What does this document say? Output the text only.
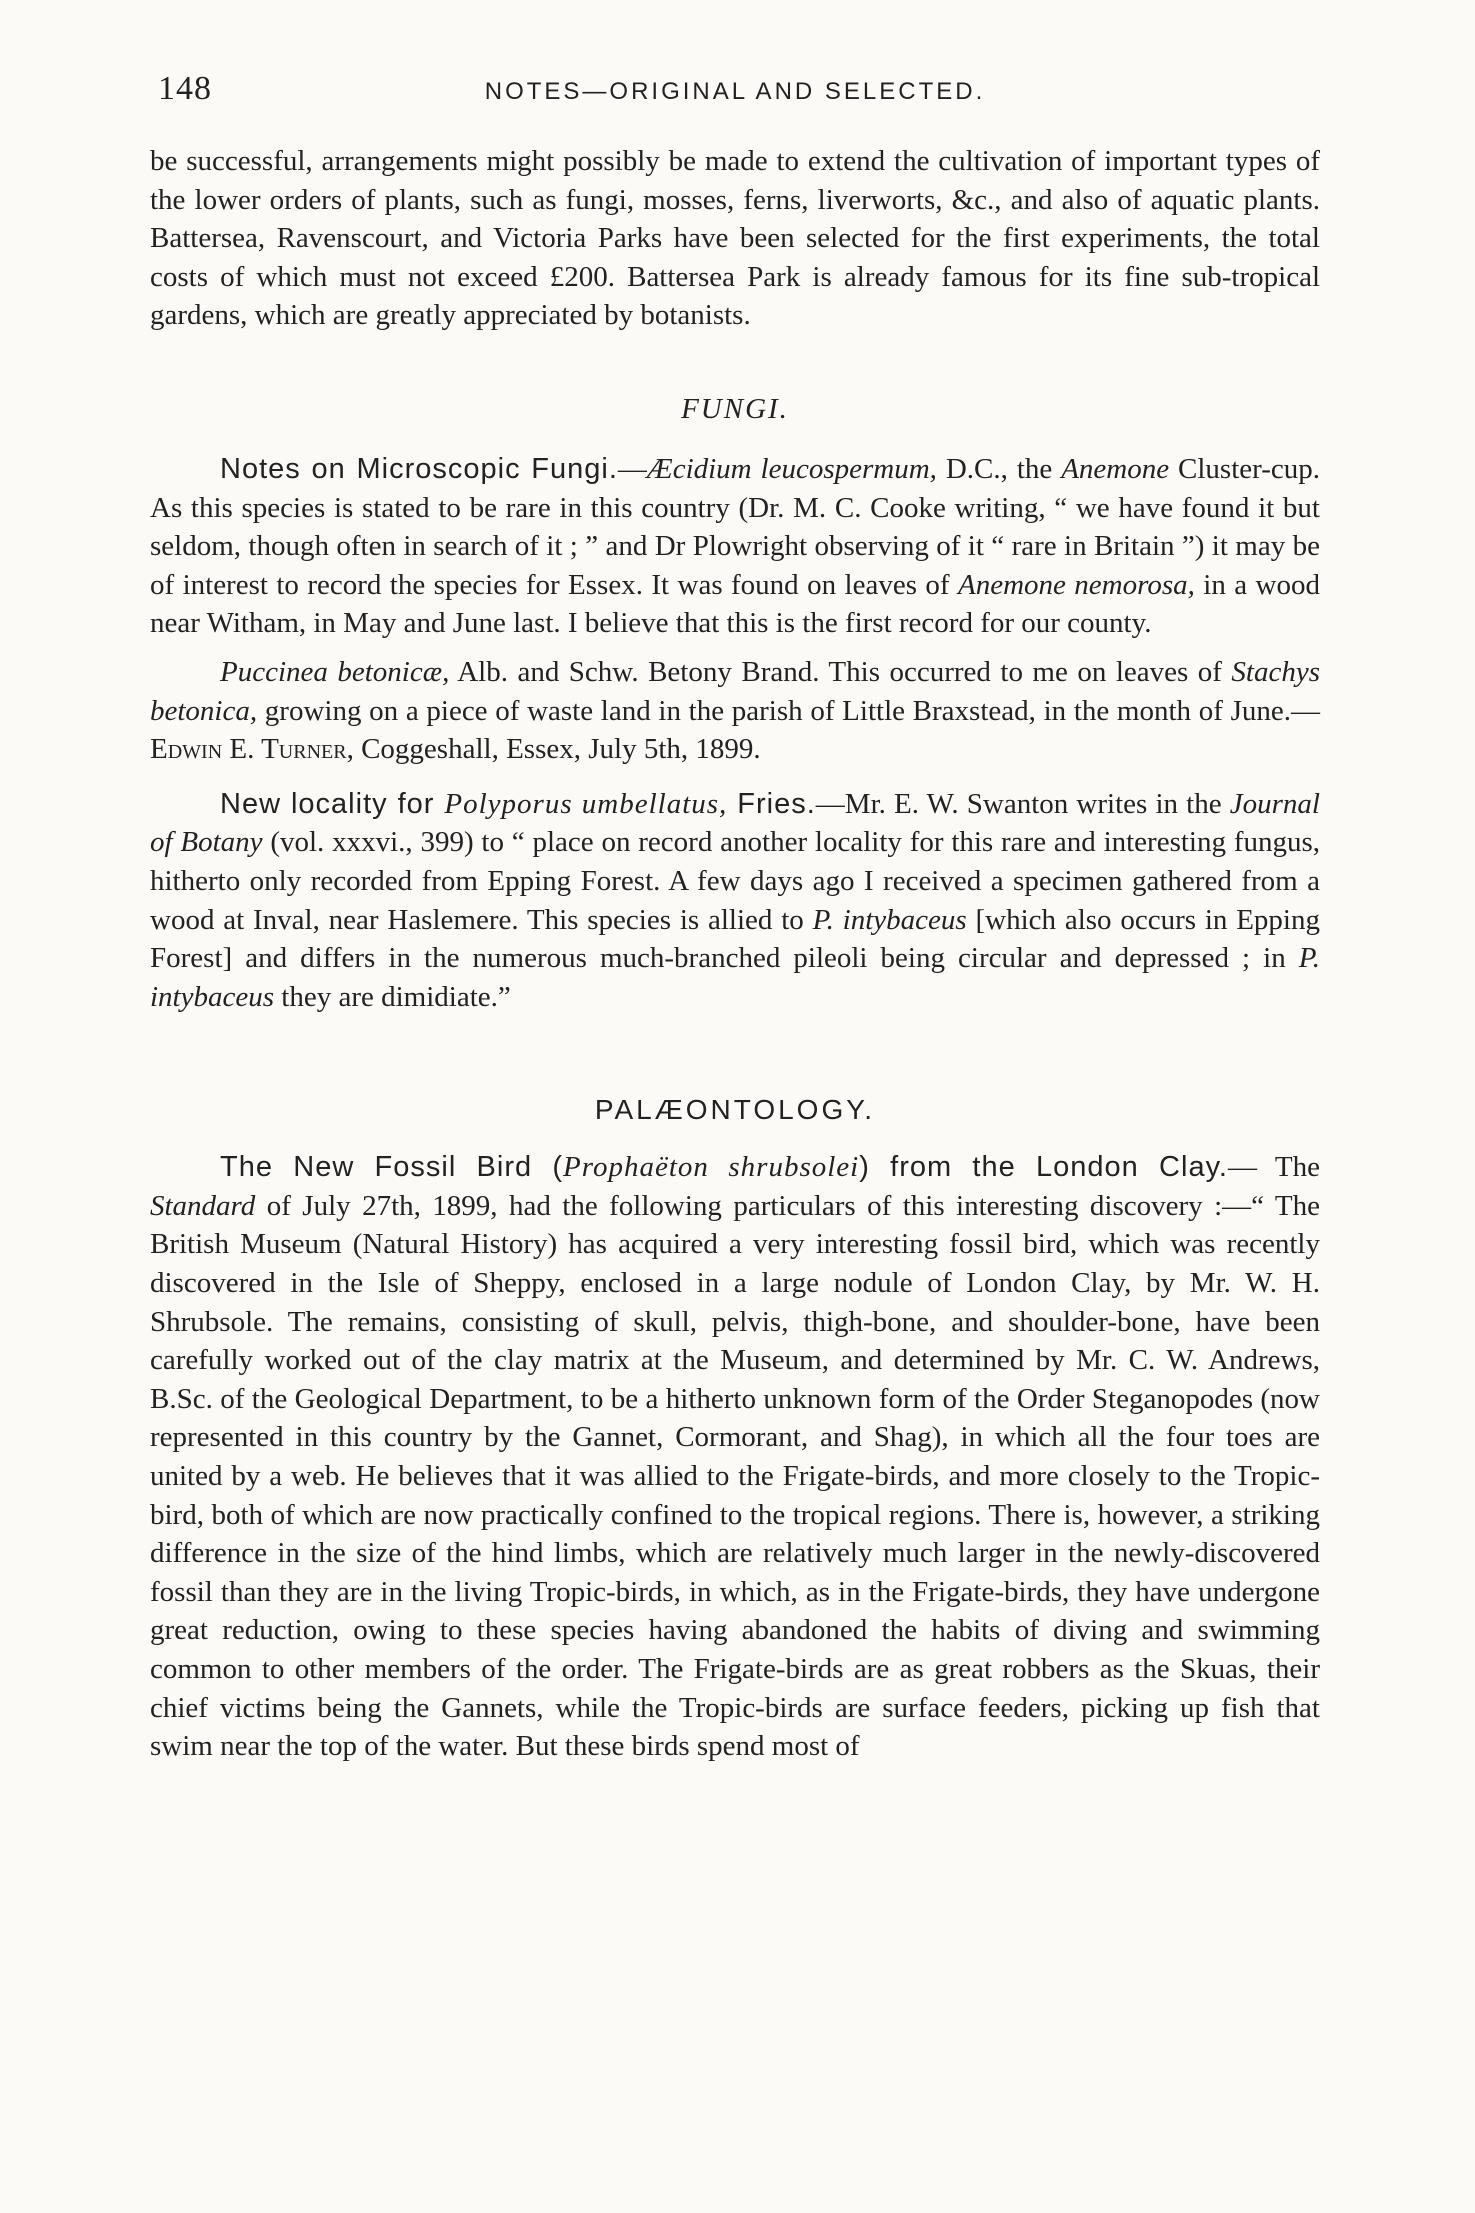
148	NOTES—ORIGINAL AND SELECTED.

be successful, arrangements might possibly be made to extend the cultivation of important types of the lower orders of plants, such as fungi, mosses, ferns, liverworts, &c., and also of aquatic plants. Battersea, Ravenscourt, and Victoria Parks have been selected for the first experiments, the total costs of which must not exceed £200. Battersea Park is already famous for its fine sub-tropical gardens, which are greatly appreciated by botanists.

FUNGI.

Notes on Microscopic Fungi.—Æcidium leucospermum, D.C., the Anemone Cluster-cup. As this species is stated to be rare in this country (Dr. M. C. Cooke writing, “ we have found it but seldom, though often in search of it ; ” and Dr Plowright observing of it “ rare in Britain ”) it may be of interest to record the species for Essex. It was found on leaves of Anemone nemorosa, in a wood near Witham, in May and June last. I believe that this is the first record for our county.

Puccinea betonicæ, Alb. and Schw. Betony Brand. This occurred to me on leaves of Stachys betonica, growing on a piece of waste land in the parish of Little Braxstead, in the month of June.—Edwin E. Turner, Coggeshall, Essex, July 5th, 1899.

New locality for Polyporus umbellatus, Fries.—Mr. E. W. Swanton writes in the Journal of Botany (vol. xxxvi., 399) to “ place on record another locality for this rare and interesting fungus, hitherto only recorded from Epping Forest. A few days ago I received a specimen gathered from a wood at Inval, near Haslemere. This species is allied to P. intybaceus [which also occurs in Epping Forest] and differs in the numerous much-branched pileoli being circular and depressed ; in P. intybaceus they are dimidiate.”

PALÆONTOLOGY.

The New Fossil Bird (Prophaëton shrubsolei) from the London Clay.— The Standard of July 27th, 1899, had the following particulars of this interesting discovery :—“ The British Museum (Natural History) has acquired a very interesting fossil bird, which was recently discovered in the Isle of Sheppy, enclosed in a large nodule of London Clay, by Mr. W. H. Shrubsole. The remains, consisting of skull, pelvis, thigh-bone, and shoulder-bone, have been carefully worked out of the clay matrix at the Museum, and determined by Mr. C. W. Andrews, B.Sc. of the Geological Department, to be a hitherto unknown form of the Order Steganopodes (now represented in this country by the Gannet, Cormorant, and Shag), in which all the four toes are united by a web. He believes that it was allied to the Frigate-birds, and more closely to the Tropic-bird, both of which are now practically confined to the tropical regions. There is, however, a striking difference in the size of the hind limbs, which are relatively much larger in the newly-discovered fossil than they are in the living Tropic-birds, in which, as in the Frigate-birds, they have undergone great reduction, owing to these species having abandoned the habits of diving and swimming common to other members of the order. The Frigate-birds are as great robbers as the Skuas, their chief victims being the Gannets, while the Tropic-birds are surface feeders, picking up fish that swim near the top of the water. But these birds spend most of
